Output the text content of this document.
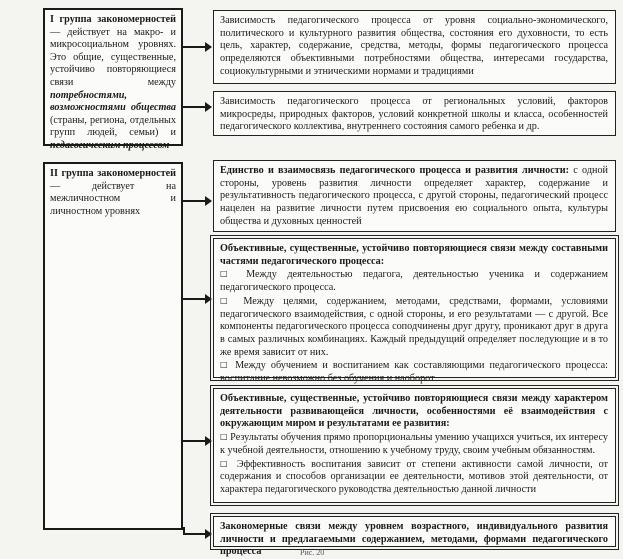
I группа закономерностей — действует на макро- и микросоциальном уровнях. Это общие, существенные, устойчиво повторяющиеся связи между потребностями, возможностями общества (страны, региона, отдельных групп людей, семьи) и педагогическим процессом

Зависимость педагогического процесса от уровня социально-экономического, политического и культурного развития общества, состояния его духовности, то есть цель, характер, содержание, средства, методы, формы педагогического процесса определяются объективными потребностями общества, интересами государства, социокультурными и этническими нормами и традициями

Зависимость педагогического процесса от региональных условий, факторов микросреды, природных факторов, условий конкретной школы и класса, особенностей педагогического коллектива, внутреннего состояния самого ребенка и др.

II группа закономерностей — действует на межличностном и личностном уровнях

Единство и взаимосвязь педагогического процесса и развития личности: с одной стороны, уровень развития личности определяет характер, содержание и результативность педагогического процесса, с другой стороны, педагогический процесс нацелен на развитие личности путем присвоения ею социального опыта, культуры общества и духовных ценностей

Объективные, существенные, устойчиво повторяющиеся связи между составными частями педагогического процесса:

□ Между деятельностью педагога, деятельностью ученика и содержанием педагогического процесса.

□ Между целями, содержанием, методами, средствами, формами, условиями педагогического взаимодействия, с одной стороны, и его результатами — с другой. Все компоненты педагогического процесса соподчинены друг другу, проникают друг в друга в самых различных комбинациях. Каждый предыдущий определяет последующие и в то же время зависит от них.

□ Между обучением и воспитанием как составляющими педагогического процесса: воспитание невозможно без обучения и наоборот

Объективные, существенные, устойчиво повторяющиеся связи между характером деятельности развивающейся личности, особенностями её взаимодействия с окружающим миром и результатами ее развития:

□ Результаты обучения прямо пропорциональны умению учащихся учиться, их интересу к учебной деятельности, отношению к учебному труду, своим учебным обязанностям.

□ Эффективность воспитания зависит от степени активности самой личности, от содержания и способов организации ее деятельности, мотивов этой деятельности, от характера педагогического руководства деятельностью данной личности

Закономерные связи между уровнем возрастного, индивидуального развития личности и предлагаемыми содержанием, методами, формами педагогического процесса	Рис. 20
